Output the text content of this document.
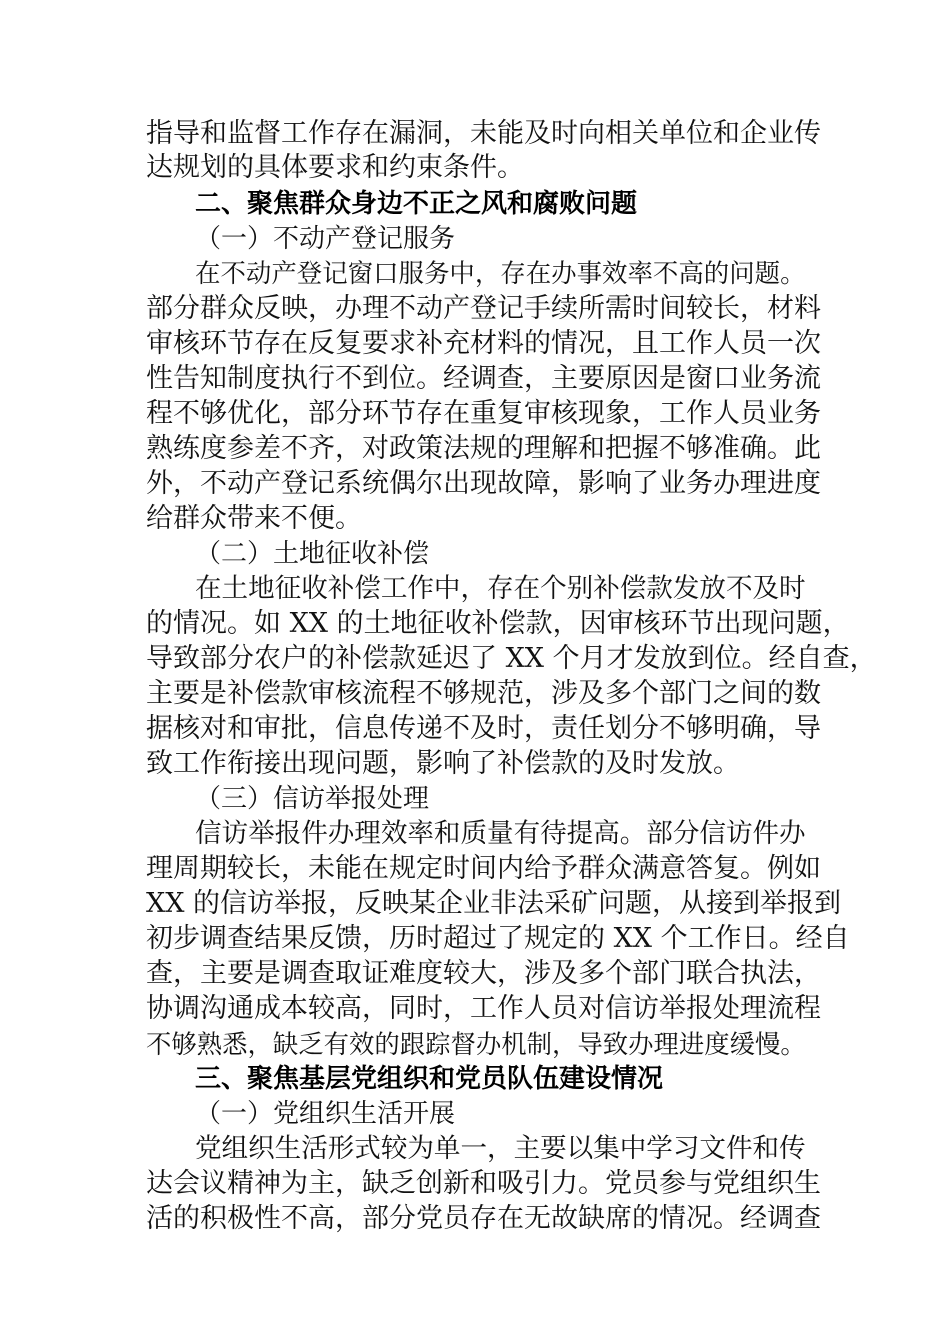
指导和监督工作存在漏洞，未能及时向相关单位和企业传
达规划的具体要求和约束条件。
二、聚焦群众身边不正之风和腐败问题
（一）不动产登记服务
在不动产登记窗口服务中，存在办事效率不高的问题。
部分群众反映，办理不动产登记手续所需时间较长，材料
审核环节存在反复要求补充材料的情况，且工作人员一次
性告知制度执行不到位。经调查，主要原因是窗口业务流
程不够优化，部分环节存在重复审核现象，工作人员业务
熟练度参差不齐，对政策法规的理解和把握不够准确。此
外，不动产登记系统偶尔出现故障，影响了业务办理进度
给群众带来不便。
（二）土地征收补偿
在土地征收补偿工作中，存在个别补偿款发放不及时
的情况。如 XX 的土地征收补偿款，因审核环节出现问题，
导致部分农户的补偿款延迟了 XX 个月才发放到位。经自查，
主要是补偿款审核流程不够规范，涉及多个部门之间的数
据核对和审批，信息传递不及时，责任划分不够明确，导
致工作衔接出现问题，影响了补偿款的及时发放。
（三）信访举报处理
信访举报件办理效率和质量有待提高。部分信访件办
理周期较长，未能在规定时间内给予群众满意答复。例如
XX 的信访举报，反映某企业非法采矿问题，从接到举报到
初步调查结果反馈，历时超过了规定的 XX 个工作日。经自
查，主要是调查取证难度较大，涉及多个部门联合执法，
协调沟通成本较高，同时，工作人员对信访举报处理流程
不够熟悉，缺乏有效的跟踪督办机制，导致办理进度缓慢。
三、聚焦基层党组织和党员队伍建设情况
（一）党组织生活开展
党组织生活形式较为单一，主要以集中学习文件和传
达会议精神为主，缺乏创新和吸引力。党员参与党组织生
活的积极性不高，部分党员存在无故缺席的情况。经调查
